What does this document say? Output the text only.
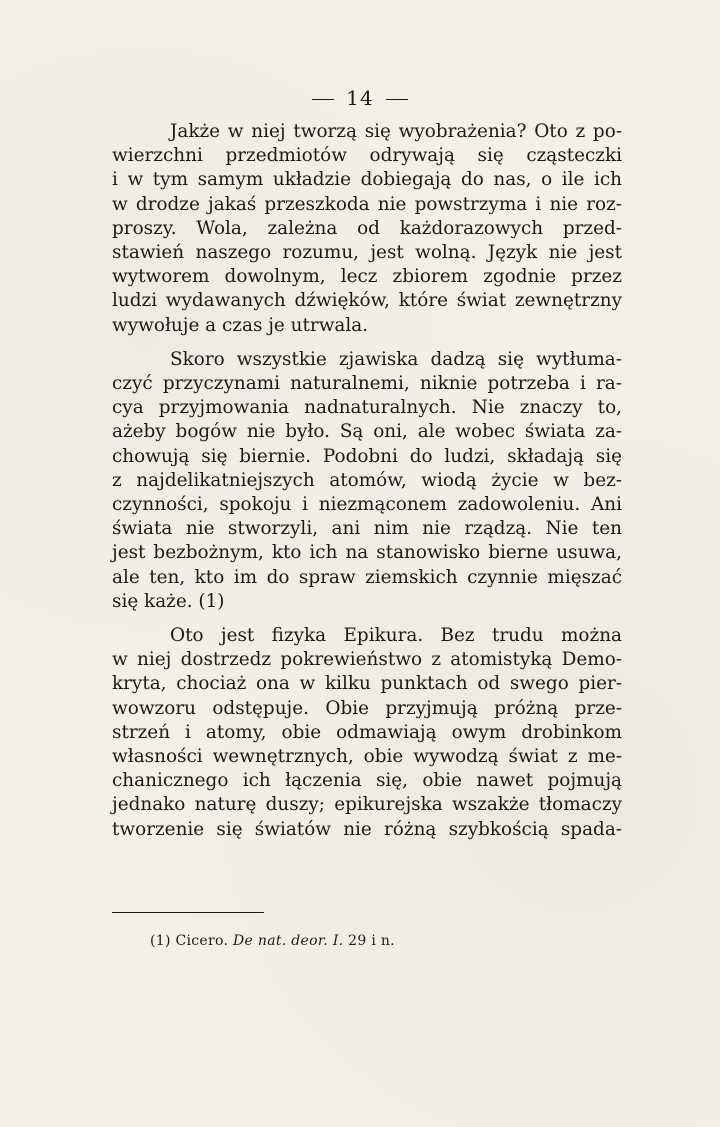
14

Jakże w niej tworzą się wyobrażenia? Oto z po-
wierzchni przedmiotów odrywają się cząsteczki
i w tym samym układzie dobiegają do nas, o ile ich
w drodze jakaś przeszkoda nie powstrzyma i nie roz-
proszy. Wola, zależna od każdorazowych przed-
stawień naszego rozumu, jest wolną. Język nie jest
wytworem dowolnym, lecz zbiorem zgodnie przez
ludzi wydawanych dźwięków, które świat zewnętrzny
wywołuje a czas je utrwala.

Skoro wszystkie zjawiska dadzą się wytłuma-
czyć przyczynami naturalnemi, niknie potrzeba i ra-
cya przyjmowania nadnaturalnych. Nie znaczy to,
ażeby bogów nie było. Są oni, ale wobec świata za-
chowują się biernie. Podobni do ludzi, składają się
z najdelikatniejszych atomów, wiodą życie w bez-
czynności, spokoju i niezmąconem zadowoleniu. Ani
świata nie stworzyli, ani nim nie rządzą. Nie ten
jest bezbożnym, kto ich na stanowisko bierne usuwa,
ale ten, kto im do spraw ziemskich czynnie mięszać
się każe. (1)

Oto jest fizyka Epikura. Bez trudu można
w niej dostrzedz pokrewieństwo z atomistyką Demo-
kryta, chociaż ona w kilku punktach od swego pier-
wowzoru odstępuje. Obie przyjmują próżną prze-
strzeń i atomy, obie odmawiają owym drobinkom
własności wewnętrznych, obie wywodzą świat z me-
chanicznego ich łączenia się, obie nawet pojmują
jednako naturę duszy; epikurejska wszakże tłomaczy
tworzenie się światów nie różną szybkością spada-

(1) Cicero. De nat. deor. I. 29 i n.
